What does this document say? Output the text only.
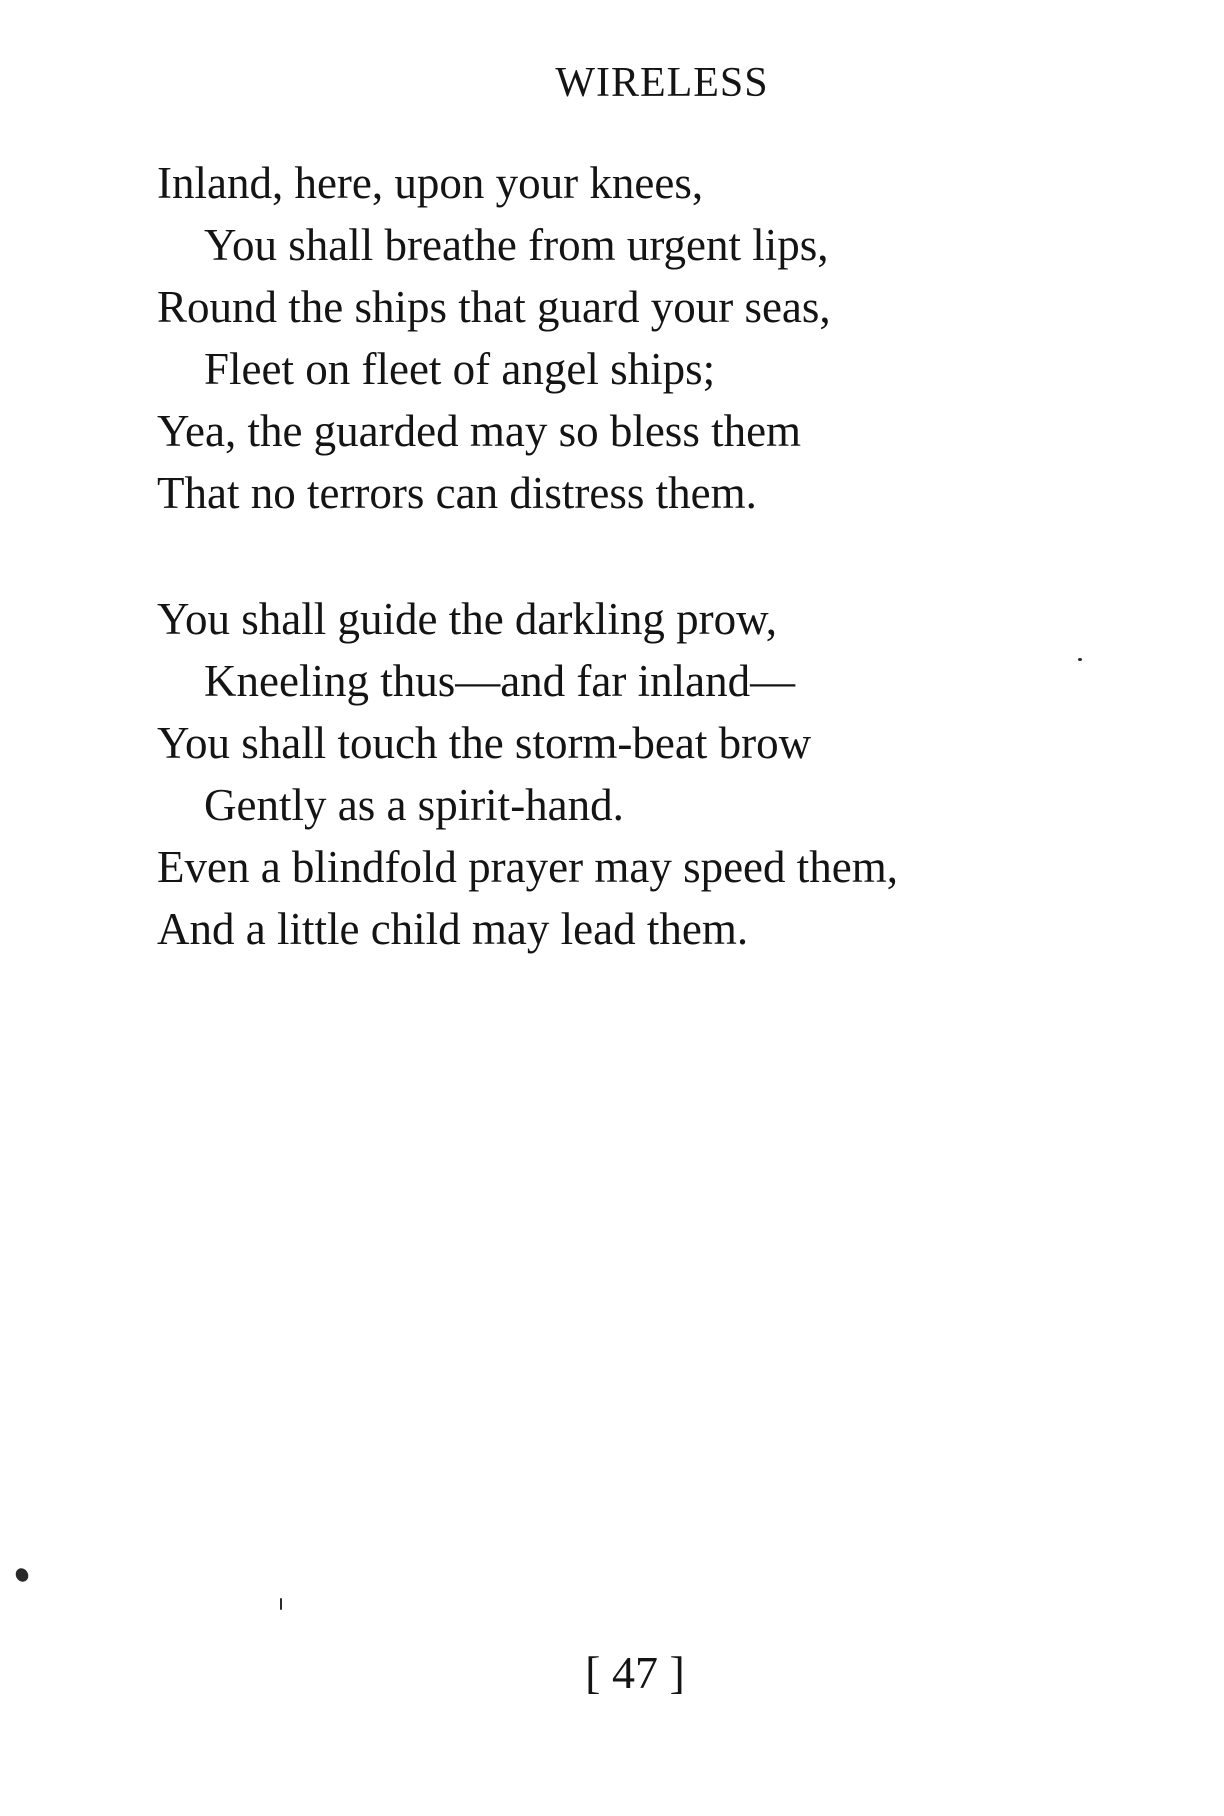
WIRELESS
Inland, here, upon your knees,
You shall breathe from urgent lips,
Round the ships that guard your seas,
Fleet on fleet of angel ships;
Yea, the guarded may so bless them
That no terrors can distress them.
You shall guide the darkling prow,
Kneeling thus—and far inland—
You shall touch the storm-beat brow
Gently as a spirit-hand.
Even a blindfold prayer may speed them,
And a little child may lead them.
[ 47 ]
